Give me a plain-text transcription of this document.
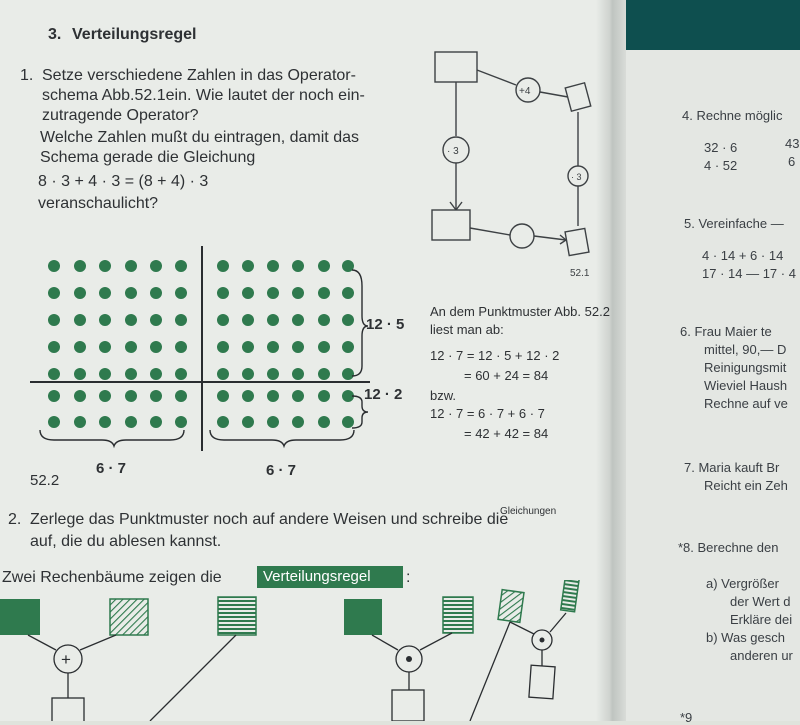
3. Verteilungsregel
1. Setze verschiedene Zahlen in das Operator-
schema Abb.52.1ein. Wie lautet der noch ein-
zutragende Operator?
Welche Zahlen mußt du eintragen, damit das
Schema gerade die Gleichung
8 · 3 + 4 · 3 = (8 + 4) · 3
veranschaulicht?
+4
· 3
· 3
52.1
12 · 5
12 · 2
6 · 7	6 · 7
52.2
An dem Punktmuster Abb. 52.2
liest man ab:
12 · 7 = 12 · 5 + 12 · 2
= 60 + 24 = 84
bzw.
12 · 7 = 6 · 7 + 6 · 7
= 42 + 42 = 84
2. Zerlege das Punktmuster noch auf andere Weisen und schreibe die
Gleichungen
auf, die du ablesen kannst.
Zwei Rechenbäume zeigen die	Verteilungsregel :
+
4. Rechne möglic
32 · 6	43
4 · 52	6
5. Vereinfache —
4 · 14 + 6 · 14
17 · 14 — 17 · 4
6. Frau Maier te
mittel, 90,— D
Reinigungsmit
Wieviel Haush
Rechne auf ve
7. Maria kauft Br
Reicht ein Zeh
*8. Berechne den
a) Vergrößer
der Wert d
Erkläre dei
b) Was gesch
anderen ur
*9
